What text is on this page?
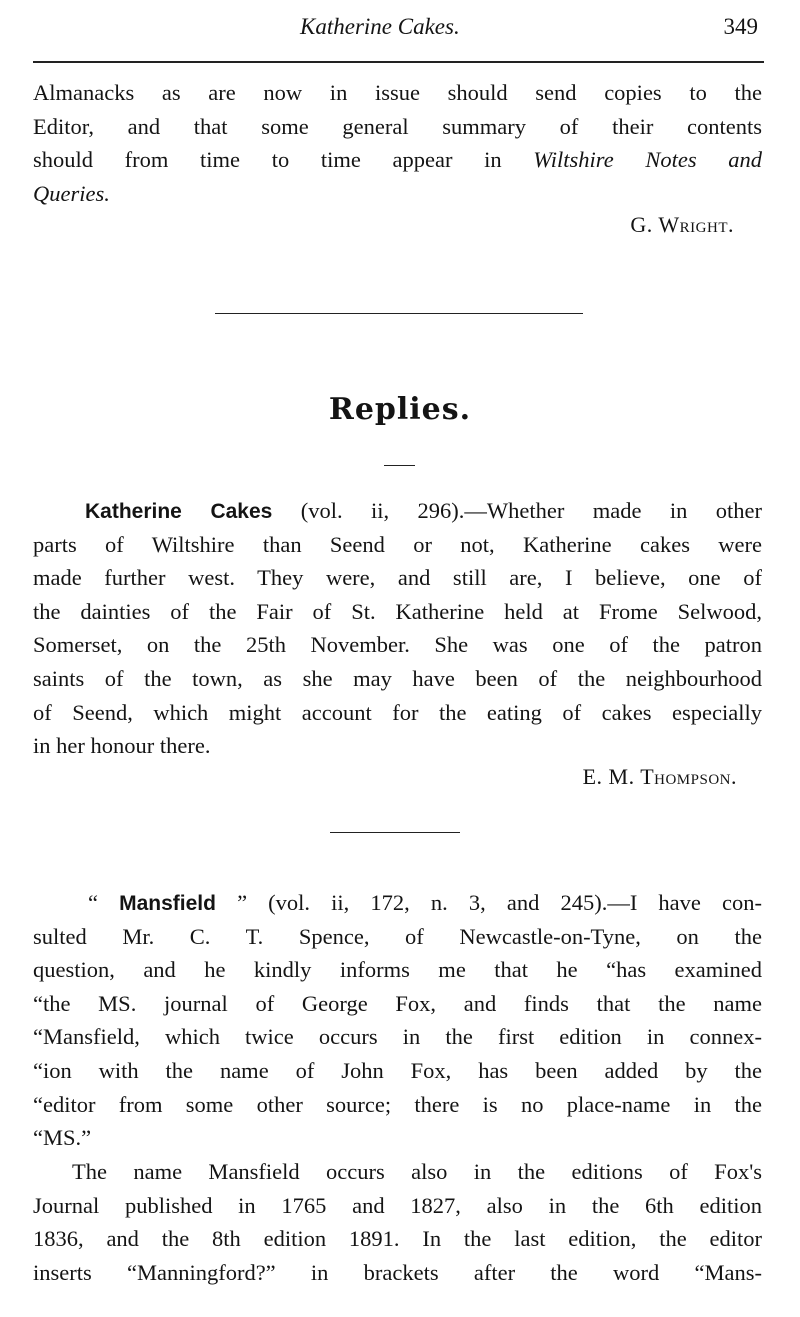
Katherine Cakes.	349
Almanacks as are now in issue should send copies to the
Editor, and that some general summary of their contents
should from time to time appear in Wiltshire Notes and
Queries.
G. Wright.
Replies.
Katherine Cakes (vol. ii, 296).—Whether made in other
parts of Wiltshire than Seend or not, Katherine cakes were
made further west. They were, and still are, I believe, one of
the dainties of the Fair of St. Katherine held at Frome Selwood,
Somerset, on the 25th November. She was one of the patron
saints of the town, as she may have been of the neighbourhood
of Seend, which might account for the eating of cakes especially
in her honour there.
E. M. Thompson.
“ Mansfield ” (vol. ii, 172, n. 3, and 245).—I have con-
sulted Mr. C. T. Spence, of Newcastle-on-Tyne, on the
question, and he kindly informs me that he “has examined
“the MS. journal of George Fox, and finds that the name
“Mansfield, which twice occurs in the first edition in connex-
“ion with the name of John Fox, has been added by the
“editor from some other source; there is no place-name in the
“MS.”
The name Mansfield occurs also in the editions of Fox's
Journal published in 1765 and 1827, also in the 6th edition
1836, and the 8th edition 1891. In the last edition, the editor
inserts “Manningford?” in brackets after the word “Mans-
